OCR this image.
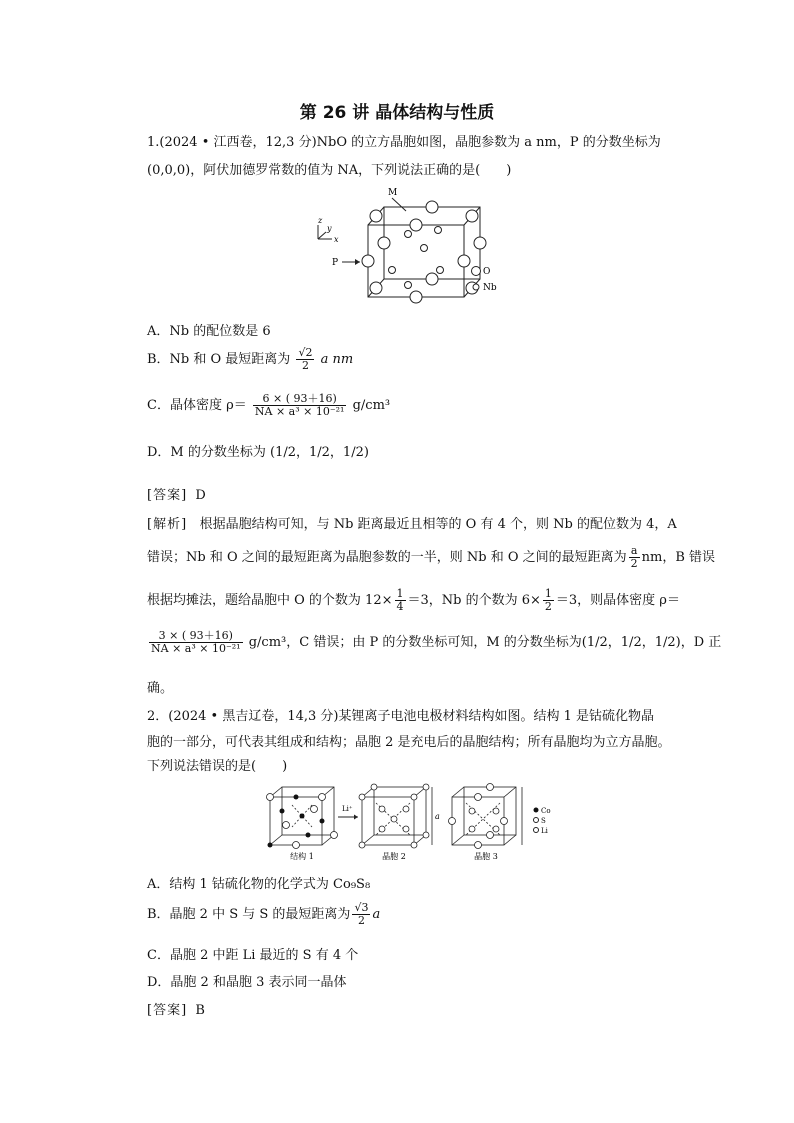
第 26 讲 晶体结构与性质
1.(2024 • 江西卷，12,3 分)NbO 的立方晶胞如图，晶胞参数为 a nm，P 的分数坐标为
(0,0,0)，阿伏加德罗常数的值为 NA，下列说法正确的是(　　)
M
P
z
y
x
O
Nb
A．Nb 的配位数是 6
B．Nb 和 O 最短距离为 $\frac{√2}{2}$ a nm
C．晶体密度 $\rho= \frac{6 \times ( 93+16)}{\text{NA × a³ × 10⁻²¹}} g/cm^3$
D．M 的分数坐标为 (1/2，1/2，1/2)
[答案] D
[解析] 根据晶胞结构可知，与 Nb 距离最近且相等的 O 有 4 个，则 Nb 的配位数为 4，A
错误；Nb 和 O 之间的最短距离为晶胞参数的一半，则 Nb 和 O 之间的最短距离为 $\frac{a}{2}$ nm，B 错误
根据均摊法，题给晶胞中 O 的个数为 $12\times \frac{1}{4} =3$，Nb 的个数为 $6\times \frac{1}{2} =3$，则晶体密度 ρ＝
$\frac{3 \times ( 93+16)}{\text{NA × a³ × 10⁻²¹}} g/cm^3$，C 错误；由 P 的分数坐标可知，M 的分数坐标为(1/2，1/2，1/2)，D 正
确。
2．(2024 • 黑吉辽卷，14,3 分)某锂离子电池电极材料结构如图。结构 1 是钴硫化物晶
胞的一部分，可代表其组成和结构；晶胞 2 是充电后的晶胞结构；所有晶胞均为立方晶胞。
下列说法错误的是(　　)
结构 1
Li⁺
a
晶胞 2	晶胞 3
Co
S
Li
A．结构 1 钴硫化物的化学式为 Co₉S₈
B．晶胞 2 中 S 与 S 的最短距离为 $\frac{√3}{2}$ a
C．晶胞 2 中距 Li 最近的 S 有 4 个
D．晶胞 2 和晶胞 3 表示同一晶体
[答案] B
